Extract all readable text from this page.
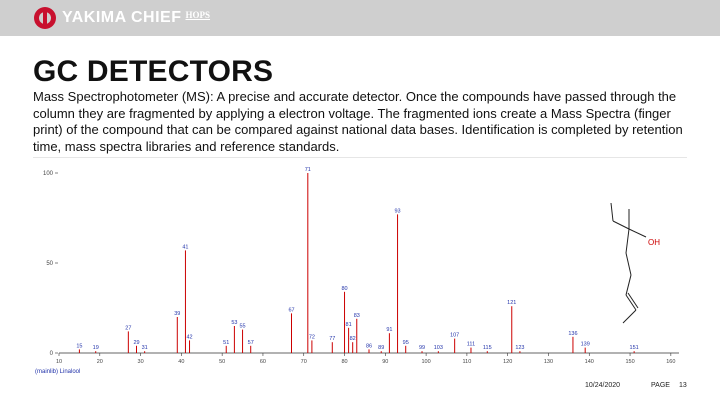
YAKIMA CHIEF HOPS
GC DETECTORS

Mass Spectrophotometer (MS): A precise and accurate detector. Once the compounds have passed through the column they are fragmented by applying a electron voltage. The fragmented ions create a Mass Spectra (finger print) of the compound that can be compared against national data bases. Identification is completed by retention time, mass spectra libraries and reference standards.

10	20	30	40	50	60	70	80	90	100	110	120	130	140	150	160
0
50
100
15 19
27
29
31
39
41
42
51
53
55
57
67
71
72	77
80
81
82
83
86 89
91
93
95
99 103
107
111
115
121
123
136
139
151
OH
(mainlib) Linalool
10/24/2020	PAGE 13
